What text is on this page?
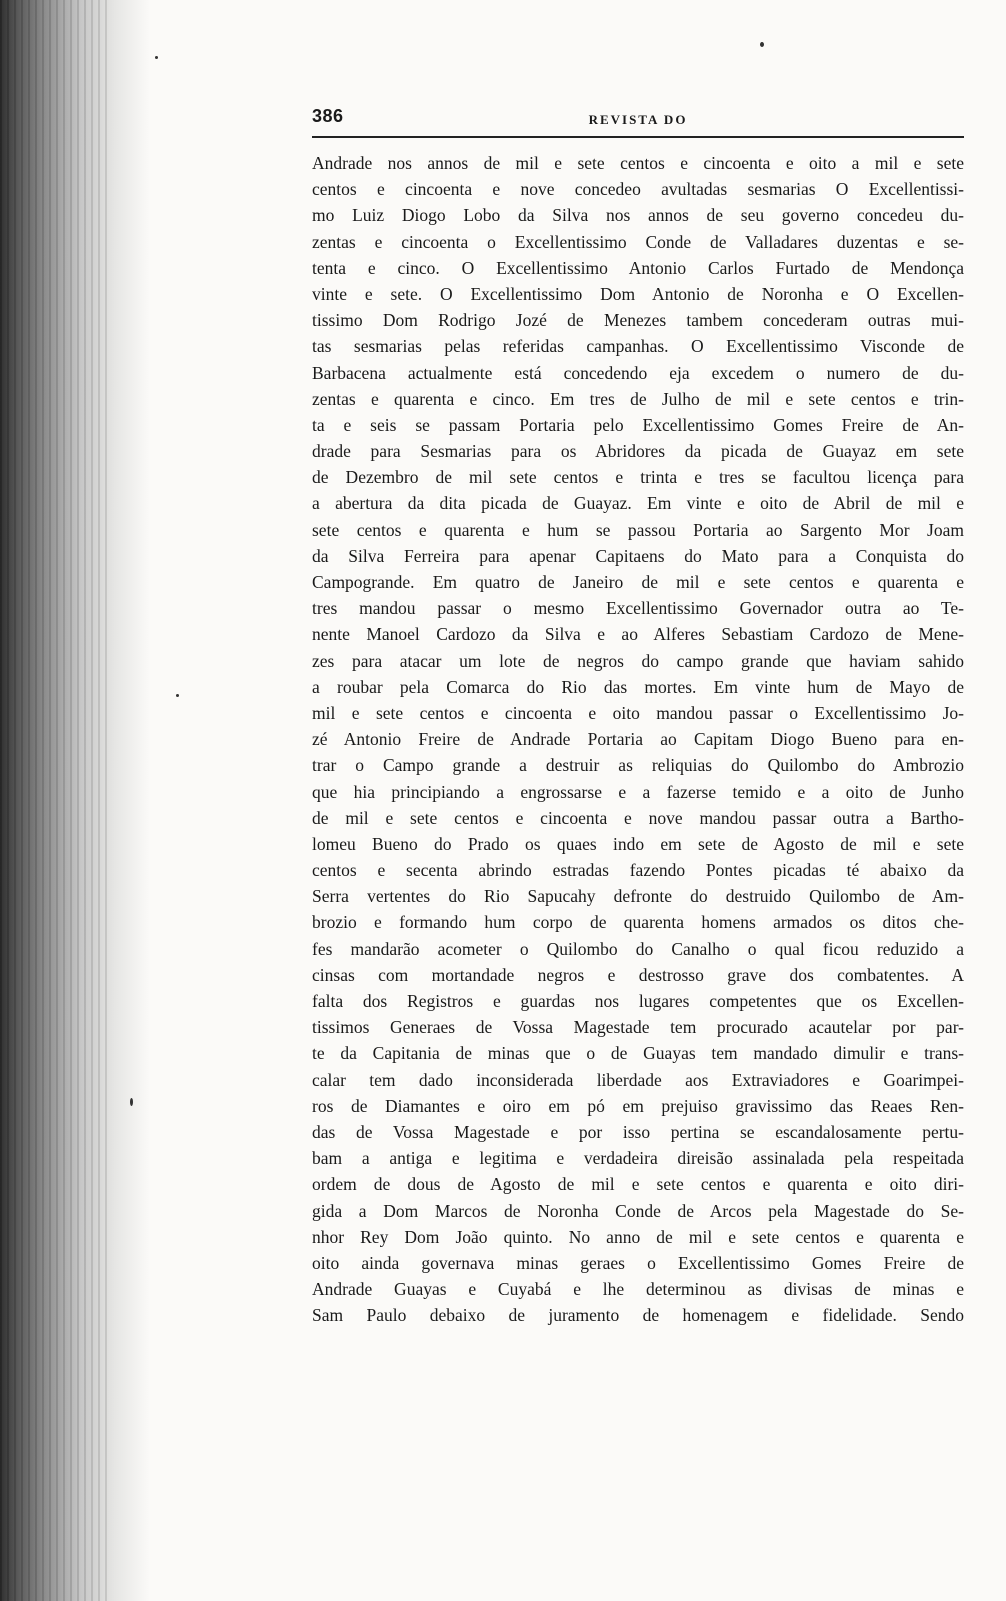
386	REVISTA DO
Andrade nos annos de mil e sete centos e cincoenta e oito a mil e sete
centos e cincoenta e nove concedeo avultadas sesmarias O Excellentissi-
mo Luiz Diogo Lobo da Silva nos annos de seu governo concedeu du-
zentas e cincoenta o Excellentissimo Conde de Valladares duzentas e se-
tenta e cinco. O Excellentissimo Antonio Carlos Furtado de Mendonça
vinte e sete. O Excellentissimo Dom Antonio de Noronha e O Excellen-
tissimo Dom Rodrigo Jozé de Menezes tambem concederam outras mui-
tas sesmarias pelas referidas campanhas. O Excellentissimo Visconde de
Barbacena actualmente está concedendo eja excedem o numero de du-
zentas e quarenta e cinco. Em tres de Julho de mil e sete centos e trin-
ta e seis se passam Portaria pelo Excellentissimo Gomes Freire de An-
drade para Sesmarias para os Abridores da picada de Guayaz em sete
de Dezembro de mil sete centos e trinta e tres se facultou licença para
a abertura da dita picada de Guayaz. Em vinte e oito de Abril de mil e
sete centos e quarenta e hum se passou Portaria ao Sargento Mor Joam
da Silva Ferreira para apenar Capitaens do Mato para a Conquista do
Campogrande. Em quatro de Janeiro de mil e sete centos e quarenta e
tres mandou passar o mesmo Excellentissimo Governador outra ao Te-
nente Manoel Cardozo da Silva e ao Alferes Sebastiam Cardozo de Mene-
zes para atacar um lote de negros do campo grande que haviam sahido
a roubar pela Comarca do Rio das mortes. Em vinte hum de Mayo de
mil e sete centos e cincoenta e oito mandou passar o Excellentissimo Jo-
zé Antonio Freire de Andrade Portaria ao Capitam Diogo Bueno para en-
trar o Campo grande a destruir as reliquias do Quilombo do Ambrozio
que hia principiando a engrossarse e a fazerse temido e a oito de Junho
de mil e sete centos e cincoenta e nove mandou passar outra a Bartho-
lomeu Bueno do Prado os quaes indo em sete de Agosto de mil e sete
centos e secenta abrindo estradas fazendo Pontes picadas té abaixo da
Serra vertentes do Rio Sapucahy defronte do destruido Quilombo de Am-
brozio e formando hum corpo de quarenta homens armados os ditos che-
fes mandarão acometer o Quilombo do Canalho o qual ficou reduzido a
cinsas com mortandade negros e destrosso grave dos combatentes. A
falta dos Registros e guardas nos lugares competentes que os Excellen-
tissimos Generaes de Vossa Magestade tem procurado acautelar por par-
te da Capitania de minas que o de Guayas tem mandado dimulir e trans-
calar tem dado inconsiderada liberdade aos Extraviadores e Goarimpei-
ros de Diamantes e oiro em pó em prejuiso gravissimo das Reaes Ren-
das de Vossa Magestade e por isso pertina se escandalosamente pertu-
bam a antiga e legitima e verdadeira direisão assinalada pela respeitada
ordem de dous de Agosto de mil e sete centos e quarenta e oito diri-
gida a Dom Marcos de Noronha Conde de Arcos pela Magestade do Se-
nhor Rey Dom João quinto. No anno de mil e sete centos e quarenta e
oito ainda governava minas geraes o Excellentissimo Gomes Freire de
Andrade Guayas e Cuyabá e lhe determinou as divisas de minas e
Sam Paulo debaixo de juramento de homenagem e fidelidade. Sendo
